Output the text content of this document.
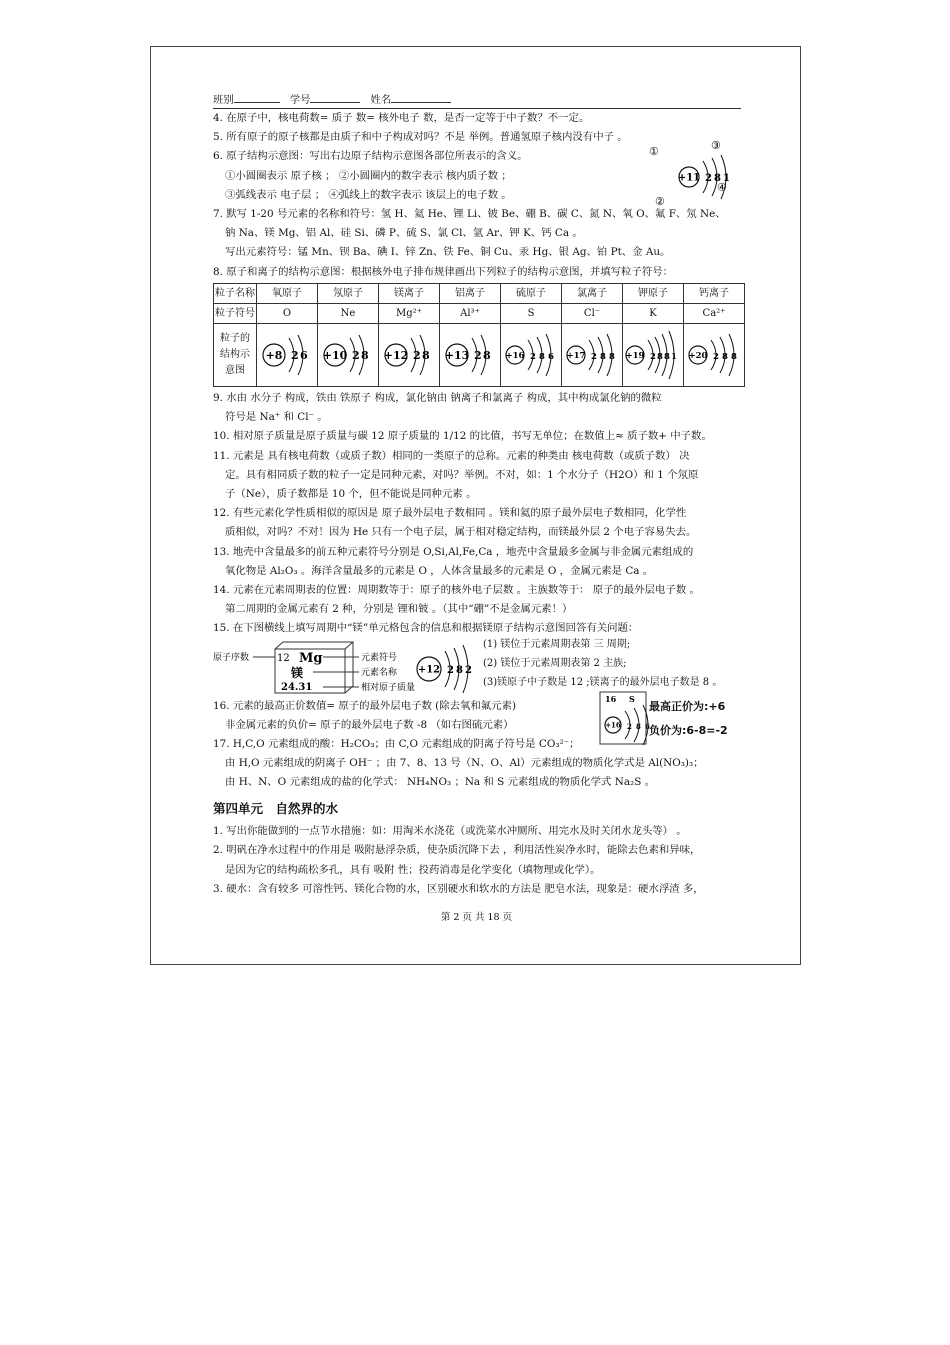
班别	学号	姓名
4. 在原子中，核电荷数= 质子 数= 核外电子 数，是否一定等于中子数？不一定。
5. 所有原子的原子核都是由质子和中子构成对吗？不是 举例。普通氢原子核内没有中子 。
6. 原子结构示意图：写出右边原子结构示意图各部位所表示的含义。
①小圆圈表示 原子核 ； ②小圆圈内的数字表示 核内质子数 ；
③弧线表示 电子层 ； ④弧线上的数字表示 该层上的电子数 。
7. 默写 1-20 号元素的名称和符号：氢 H、氦 He、锂 Li、铍 Be、硼 B、碳 C、氮 N、氧 O、氟 F、氖 Ne、
钠 Na、镁 Mg、铝 Al、硅 Si、磷 P、硫 S、氯 Cl、氩 Ar、钾 K、钙 Ca 。
写出元素符号：锰 Mn、钡 Ba、碘 I、锌 Zn、铁 Fe、铜 Cu、汞 Hg、银 Ag、铂 Pt、金 Au。
8. 原子和离子的结构示意图：根据核外电子排布规律画出下列粒子的结构示意图，并填写粒子符号：
粒子名称	氧原子	氖原子	镁离子	铝离子	硫原子	氯离子	钾原子	钙离子
粒子符号	O	Ne	Mg²⁺	Al³⁺	S	Cl⁻	K	Ca²⁺
粒子的结构示意图	+8 2 6	+10 2 8	+12 2 8	+13 2 8	+16 2 8 6	+17 2 8 8	+19 2 8 8 1	+20 2 8 8
9. 水由 水分子 构成，铁由 铁原子 构成，氯化钠由 钠离子和氯离子 构成，其中构成氯化钠的微粒
符号是 Na⁺ 和 Cl⁻ 。
10. 相对原子质量是原子质量与碳 12 原子质量的 1/12 的比值，书写无单位；在数值上≈ 质子数+ 中子数。
11. 元素是 具有核电荷数（或质子数）相同的一类原子的总称。元素的种类由 核电荷数（或质子数） 决
定。具有相同质子数的粒子一定是同种元素，对吗？举例。不对，如：1 个水分子（H2O）和 1 个氖原
子（Ne），质子数都是 10 个，但不能说是同种元素 。
12. 有些元素化学性质相似的原因是 原子最外层电子数相同 。镁和氦的原子最外层电子数相同，化学性
质相似，对吗？不对！因为 He 只有一个电子层，属于相对稳定结构，而镁最外层 2 个电子容易失去。
13. 地壳中含量最多的前五种元素符号分别是 O,Si,Al,Fe,Ca ，地壳中含量最多金属与非金属元素组成的
氧化物是 Al₂O₃ 。海洋含量最多的元素是 O ，人体含量最多的元素是 O ，金属元素是 Ca 。
14. 元素在元素周期表的位置：周期数等于：原子的核外电子层数 。主族数等于： 原子的最外层电子数 。
第二周期的金属元素有 2 种，分别是 锂和铍 。（其中“硼”不是金属元素！）
15. 在下图横线上填写周期中“镁”单元格包含的信息和根据镁原子结构示意图回答有关问题：
原子序数	12 Mg
镁
24.31
元素符号
元素名称
相对原子质量
+12 2 8 2
(1) 镁位于元素周期表第 三 周期;
(2) 镁位于元素周期表第 2 主族;
(3)镁原子中子数是 12 ;镁离子的最外层电子数是 8 。
16. 元素的最高正价数值= 原子的最外层电子数 (除去氧和氟元素)
非金属元素的负价= 原子的最外层电子数 -8 （如右图硫元素）
16 S
+16 2 8 6
最高正价为:+6
负价为:6-8=-2
17. H,C,O 元素组成的酸：H₂CO₃；由 C,O 元素组成的阴离子符号是 CO₃²⁻；
由 H,O 元素组成的阴离子 OH⁻ ；由 7、8、13 号（N、O、Al）元素组成的物质化学式是 Al(NO₃)₃；
由 H、N、O 元素组成的盐的化学式： NH₄NO₃ ；Na 和 S 元素组成的物质化学式 Na₂S 。
第四单元　自然界的水
1. 写出你能做到的一点节水措施：如：用淘米水浇花（或洗菜水冲厕所、用完水及时关闭水龙头等） 。
2. 明矾在净水过程中的作用是 吸附悬浮杂质，使杂质沉降下去 ，利用活性炭净水时，能除去色素和异味，
是因为它的结构疏松多孔，具有 吸附 性；投药消毒是化学变化（填物理或化学）。
3. 硬水：含有较多 可溶性钙、镁化合物的水，区别硬水和软水的方法是 肥皂水法，现象是：硬水浮渣 多，
+11 2 8 1
①
②
③
④
第 2 页 共 18 页
